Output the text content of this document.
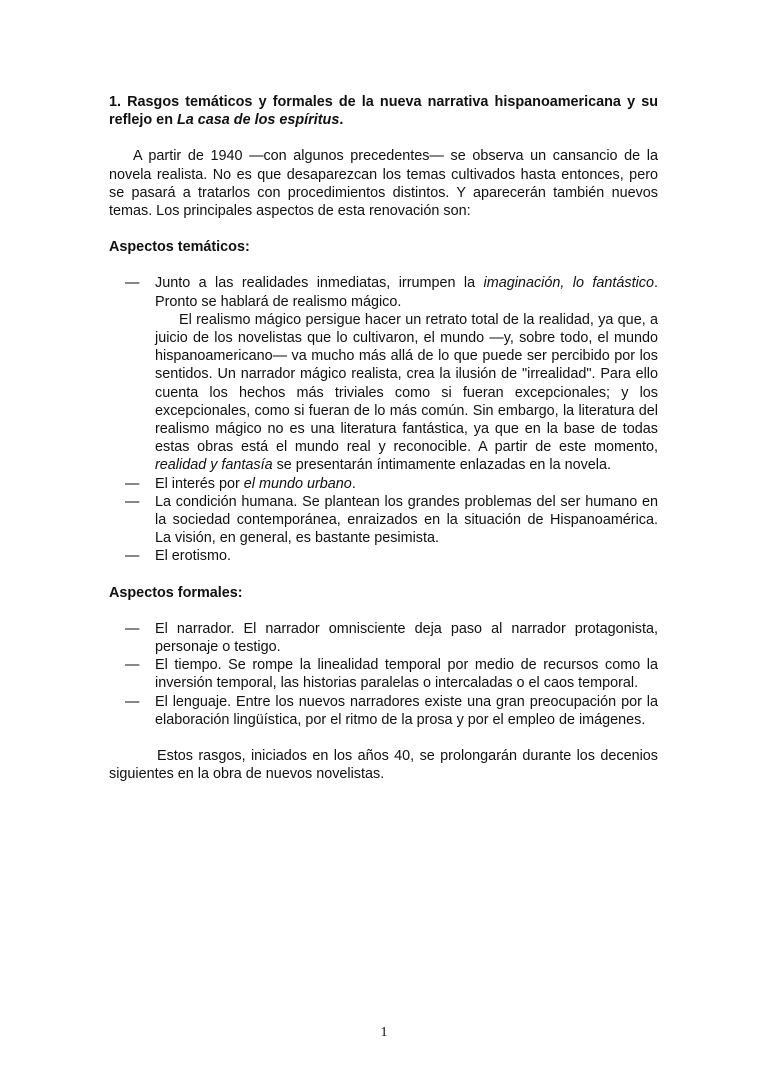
1. Rasgos temáticos y formales de la nueva narrativa hispanoamericana y su reflejo en La casa de los espíritus.

A partir de 1940 —con algunos precedentes— se observa un cansancio de la novela realista. No es que desaparezcan los temas cultivados hasta entonces, pero se pasará a tratarlos con procedimientos distintos. Y aparecerán también nuevos temas. Los principales aspectos de esta renovación son:

Aspectos temáticos:

— Junto a las realidades inmediatas, irrumpen la imaginación, lo fantástico. Pronto se hablará de realismo mágico.
El realismo mágico persigue hacer un retrato total de la realidad, ya que, a juicio de los novelistas que lo cultivaron, el mundo —y, sobre todo, el mundo hispanoamericano— va mucho más allá de lo que puede ser percibido por los sentidos. Un narrador mágico realista, crea la ilusión de "irrealidad". Para ello cuenta los hechos más triviales como si fueran excepcionales; y los excepcionales, como si fueran de lo más común. Sin embargo, la literatura del realismo mágico no es una literatura fantástica, ya que en la base de todas estas obras está el mundo real y reconocible. A partir de este momento, realidad y fantasía se presentarán íntimamente enlazadas en la novela.
— El interés por el mundo urbano.
— La condición humana. Se plantean los grandes problemas del ser humano en la sociedad contemporánea, enraizados en la situación de Hispanoamérica. La visión, en general, es bastante pesimista.
— El erotismo.

Aspectos formales:

— El narrador. El narrador omnisciente deja paso al narrador protagonista, personaje o testigo.
— El tiempo. Se rompe la linealidad temporal por medio de recursos como la inversión temporal, las historias paralelas o intercaladas o el caos temporal.
— El lenguaje. Entre los nuevos narradores existe una gran preocupación por la elaboración lingüística, por el ritmo de la prosa y por el empleo de imágenes.

Estos rasgos, iniciados en los años 40, se prolongarán durante los decenios siguientes en la obra de nuevos novelistas.

1
